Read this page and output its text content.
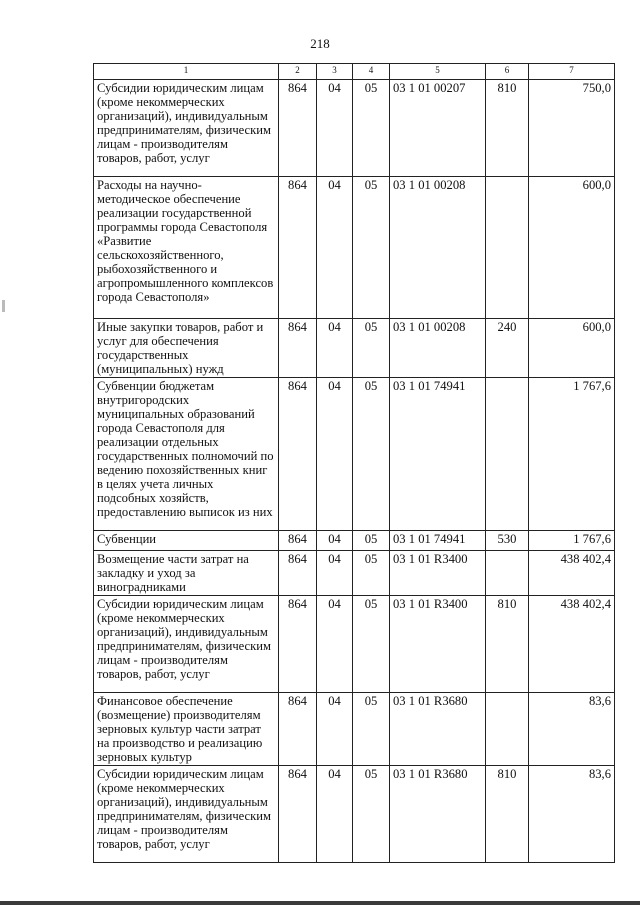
218
1	2	3	4	5	6	7
Субсидии юридическим лицам (кроме некоммерческих организаций), индивидуальным предпринимателям, физическим лицам - производителям товаров, работ, услуг	864	04	05	03 1 01 00207	810	750,0
Расходы на научно-методическое обеспечение реализации государственной программы города Севастополя «Развитие сельскохозяйственного, рыбохозяйственного и агропромышленного комплексов города Севастополя»	864	04	05	03 1 01 00208		600,0
Иные закупки товаров, работ и услуг для обеспечения государственных (муниципальных) нужд	864	04	05	03 1 01 00208	240	600,0
Субвенции бюджетам внутригородских муниципальных образований города Севастополя для реализации отдельных государственных полномочий по ведению похозяйственных книг в целях учета личных подсобных хозяйств, предоставлению выписок из них	864	04	05	03 1 01 74941		1 767,6
Субвенции	864	04	05	03 1 01 74941	530	1 767,6
Возмещение части затрат на закладку и уход за виноградниками	864	04	05	03 1 01 R3400		438 402,4
Субсидии юридическим лицам (кроме некоммерческих организаций), индивидуальным предпринимателям, физическим лицам - производителям товаров, работ, услуг	864	04	05	03 1 01 R3400	810	438 402,4
Финансовое обеспечение (возмещение) производителям зерновых культур части затрат на производство и реализацию зерновых культур	864	04	05	03 1 01 R3680		83,6
Субсидии юридическим лицам (кроме некоммерческих организаций), индивидуальным предпринимателям, физическим лицам - производителям товаров, работ, услуг	864	04	05	03 1 01 R3680	810	83,6
